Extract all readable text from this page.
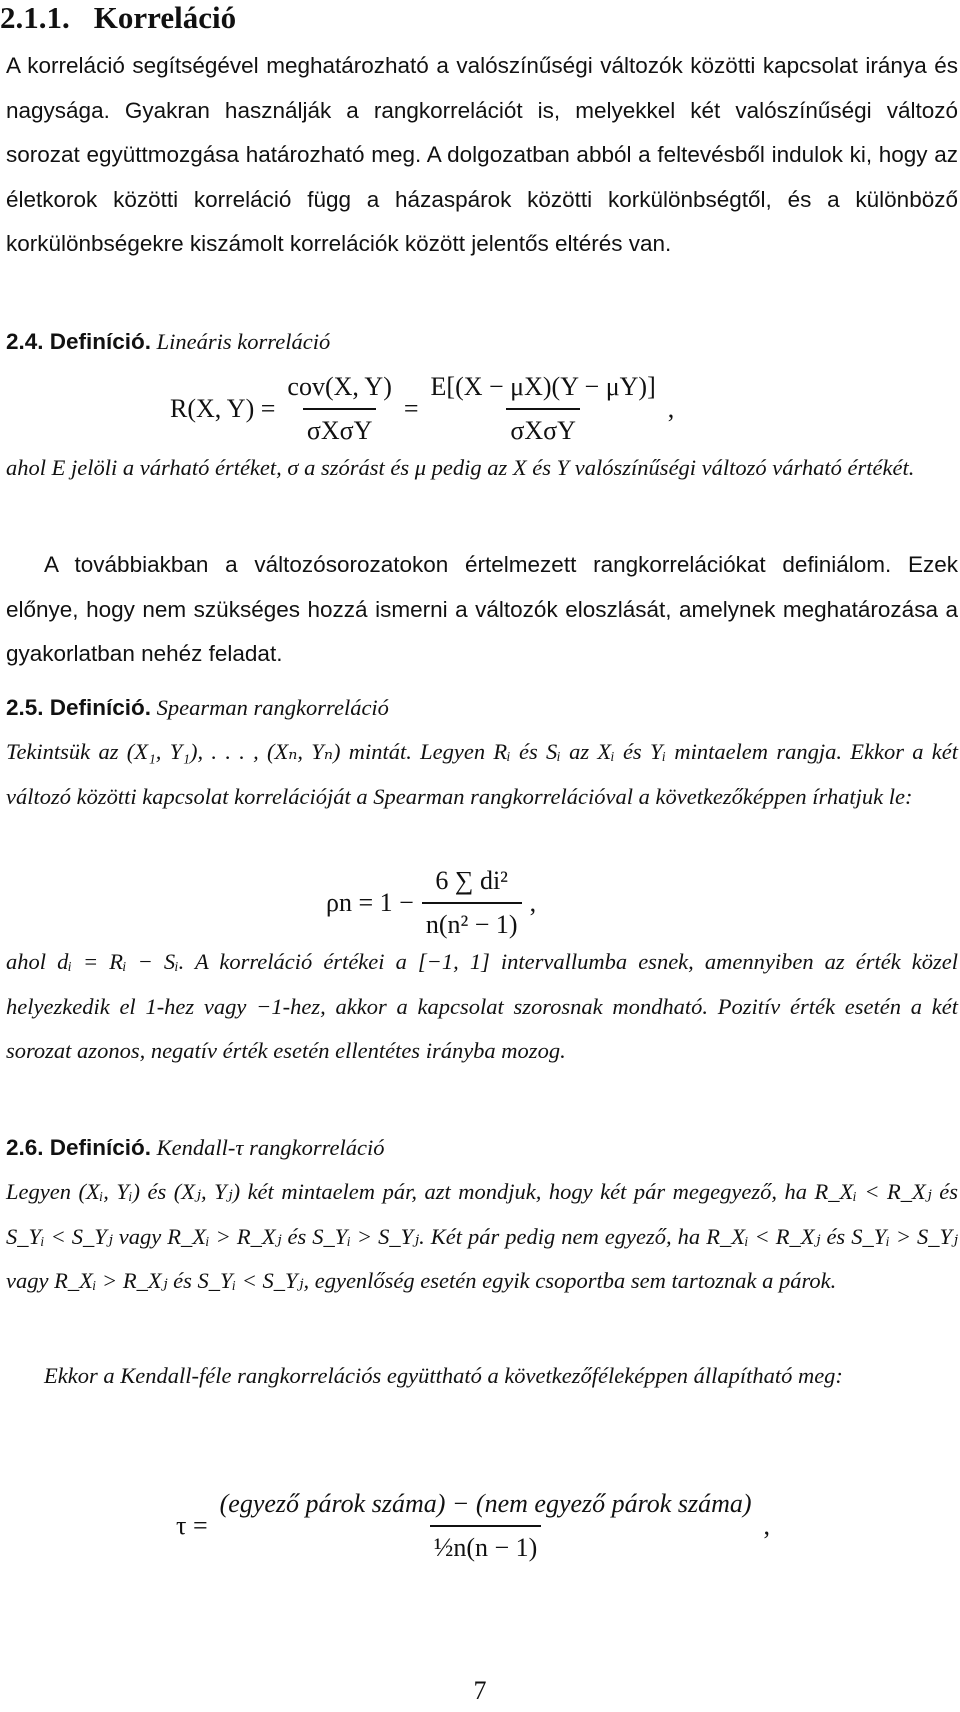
2.1.1. Korreláció
A korreláció segítségével meghatározható a valószínűségi változók közötti kapcsolat iránya és nagysága. Gyakran használják a rangkorrelációt is, melyekkel két valószínűségi változó sorozat együttmozgása határozható meg. A dolgozatban abból a feltevésből indulok ki, hogy az életkorok közötti korreláció függ a házaspárok közötti korkülönbségtől, és a különböző korkülönbségekre kiszámolt korrelációk között jelentős eltérés van.
2.4. Definíció. Lineáris korreláció
R(X, $Y) = \frac{\text{cov(X, Y)}}{\text{σXσY}} = \frac{E[(X - \mu X)(Y - \mu Y)]}{\text{σXσY}}$ ,
ahol E jelöli a várható értéket, σ a szórást és μ pedig az X és Y valószínűségi változó várható értékét.
A továbbiakban a változósorozatokon értelmezett rangkorrelációkat definiálom. Ezek előnye, hogy nem szükséges hozzá ismerni a változók eloszlását, amelynek meghatározása a gyakorlatban nehéz feladat.
2.5. Definíció. Spearman rangkorreláció
Tekintsük az (X₁, Y₁), . . . , (Xₙ, Yₙ) mintát. Legyen Rᵢ és Sᵢ az Xᵢ és Yᵢ mintaelem rangja. Ekkor a két változó közötti kapcsolat korrelációját a Spearman rangkorrelációval a következőképpen írhatjuk le:
$\rho n = 1 - \frac{\text{6 ∑ di²}}{\text{n(n² − 1)}}$ ,
ahol dᵢ = Rᵢ − Sᵢ. A korreláció értékei a [−1, 1] intervallumba esnek, amennyiben az érték közel helyezkedik el 1-hez vagy −1-hez, akkor a kapcsolat szorosnak mondható. Pozitív érték esetén a két sorozat azonos, negatív érték esetén ellentétes irányba mozog.
2.6. Definíció. Kendall-τ rangkorreláció
Legyen (Xᵢ, Yᵢ) és (Xⱼ, Yⱼ) két mintaelem pár, azt mondjuk, hogy két pár megegyező, ha R_Xᵢ < R_Xⱼ és S_Yᵢ < S_Yⱼ vagy R_Xᵢ > R_Xⱼ és S_Yᵢ > S_Yⱼ. Két pár pedig nem egyező, ha R_Xᵢ < R_Xⱼ és S_Yᵢ > S_Yⱼ vagy R_Xᵢ > R_Xⱼ és S_Yᵢ < S_Yⱼ, egyenlőség esetén egyik csoportba sem tartoznak a párok.
Ekkor a Kendall-féle rangkorrelációs együttható a következőféleképpen állapítható meg:
$\tau = \frac{\text{(egyező párok száma) − (nem egyező párok száma)}}{\text{½n(n − 1)}}$ ,
7
